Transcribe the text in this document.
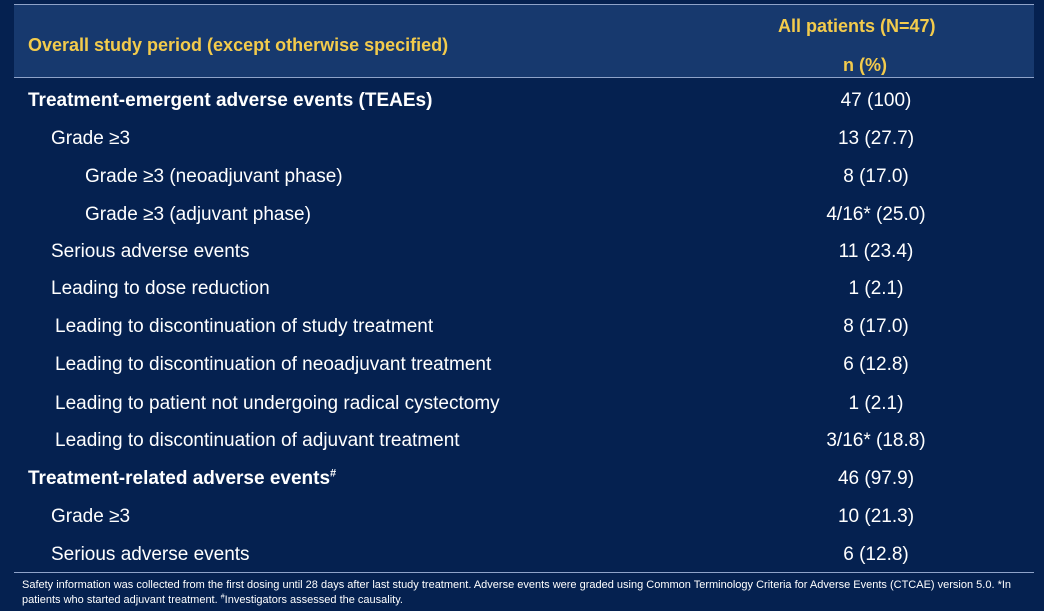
Overall study period (except otherwise specified)
All patients (N=47)
n (%)
Treatment-emergent adverse events (TEAEs)	47 (100)
Grade ≥3	13 (27.7)
Grade ≥3 (neoadjuvant phase)	8 (17.0)
Grade ≥3 (adjuvant phase)	4/16* (25.0)
Serious adverse events	11 (23.4)
Leading to dose reduction	1 (2.1)
Leading to discontinuation of study treatment	8 (17.0)
Leading to discontinuation of neoadjuvant treatment	6 (12.8)
Leading to patient not undergoing radical cystectomy	1 (2.1)
Leading to discontinuation of adjuvant treatment	3/16* (18.8)
Treatment-related adverse events#	46 (97.9)
Grade ≥3	10 (21.3)
Serious adverse events	6 (12.8)
Safety information was collected from the first dosing until 28 days after last study treatment. Adverse events were graded using Common Terminology Criteria for Adverse Events (CTCAE) version 5.0. *In patients who started adjuvant treatment. #Investigators assessed the causality.
